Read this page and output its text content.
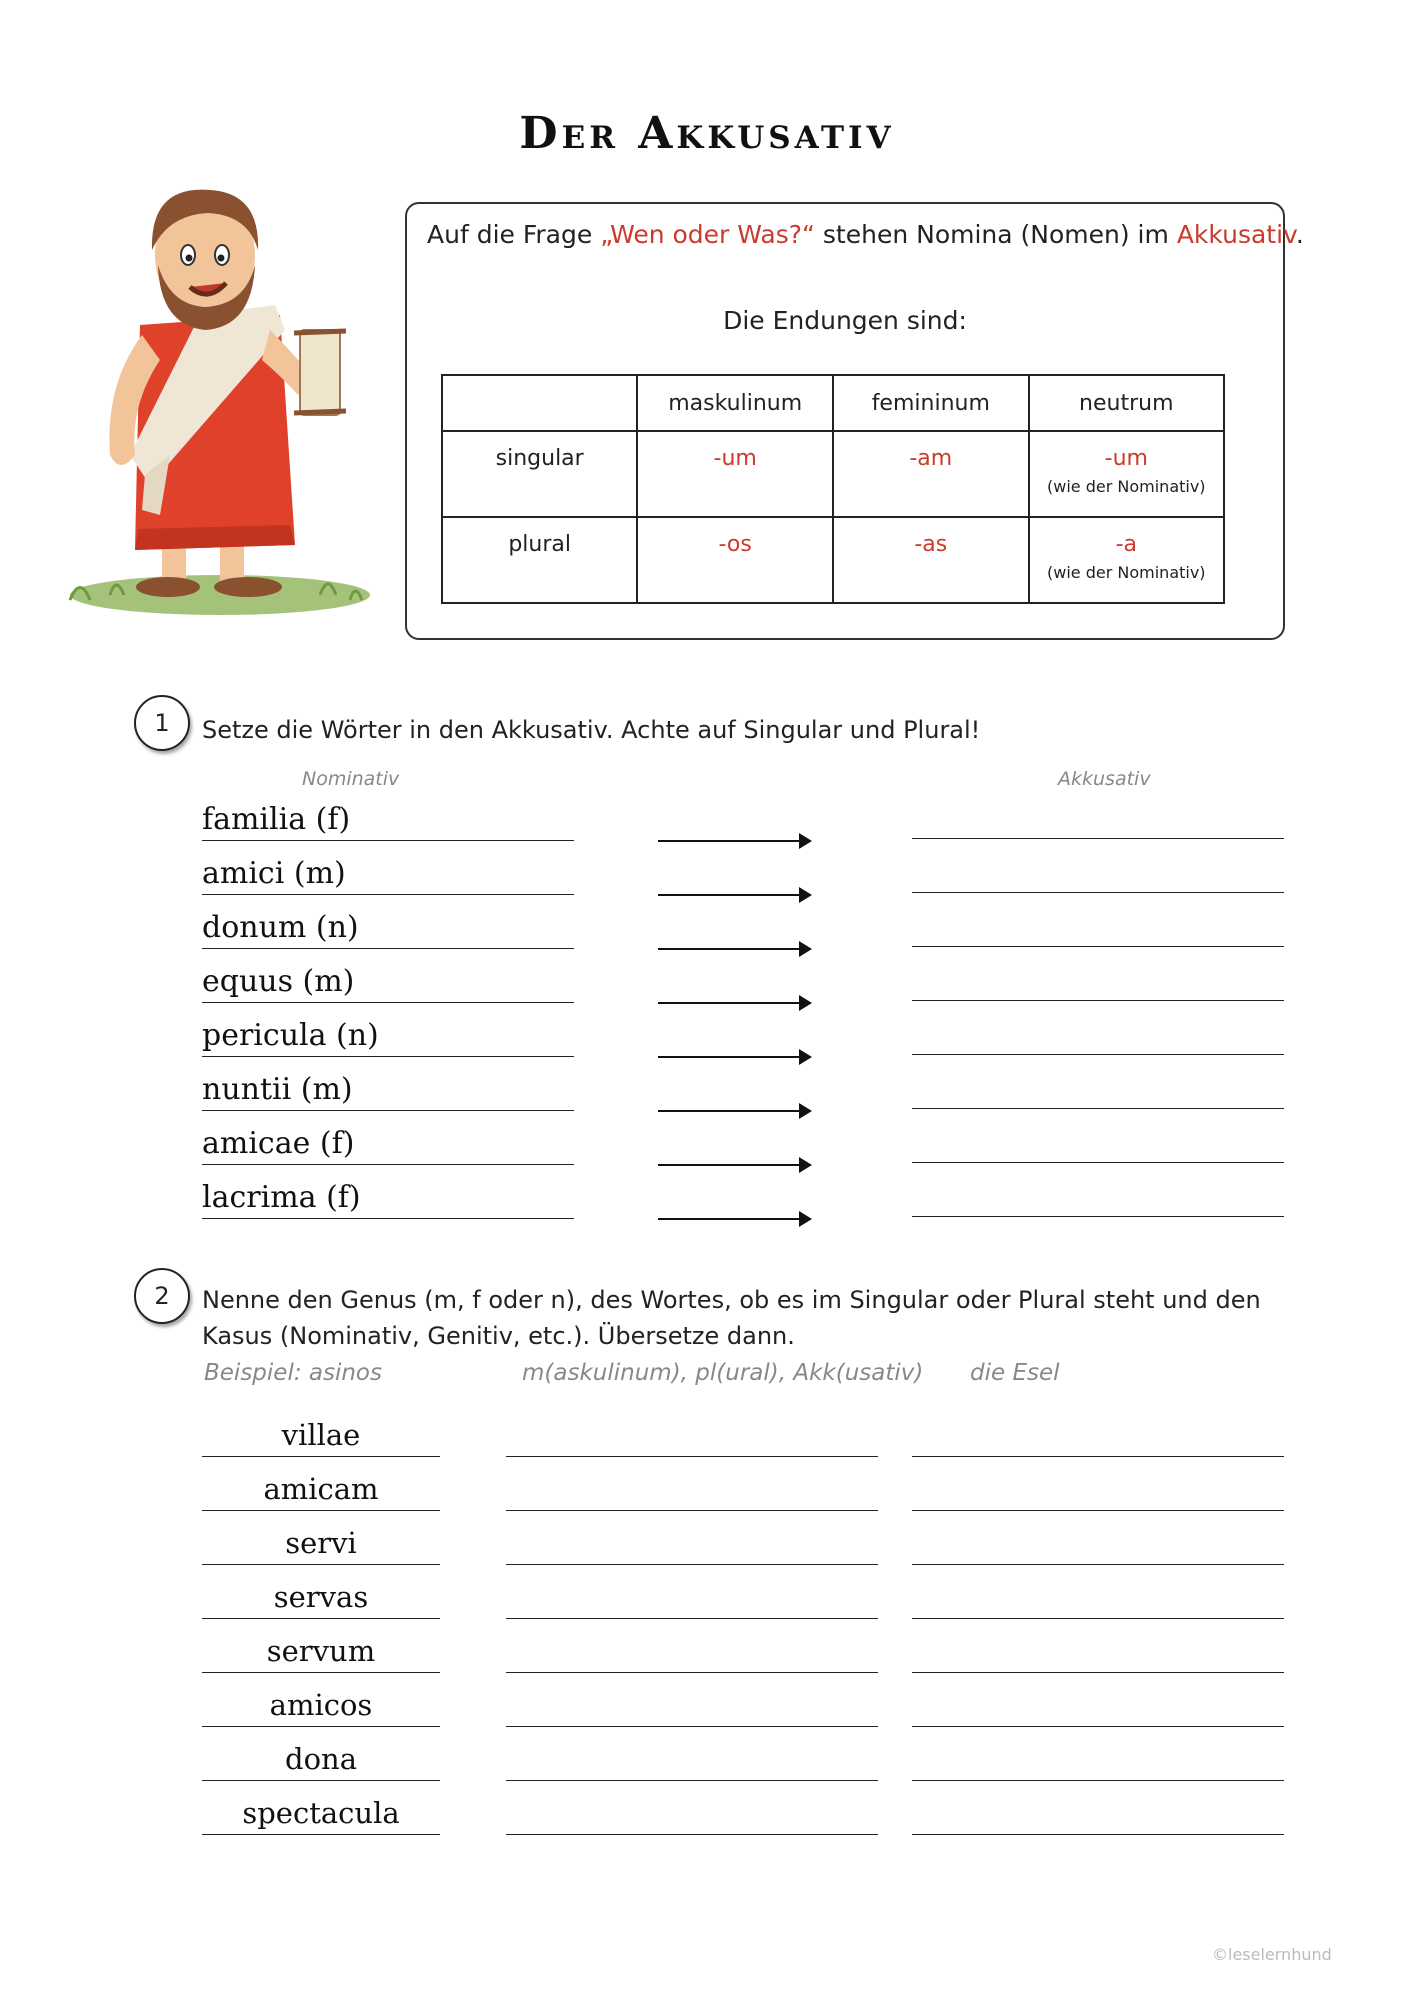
Der Akkusativ
Auf die Frage „Wen oder Was?“ stehen Nomina (Nomen) im Akkusativ.
Die Endungen sind:
	maskulinum	femininum	neutrum
singular	-um	-am	-um
(wie der Nominativ)

plural	-os	-as	-a
(wie der Nominativ)
1	Setze die Wörter in den Akkusativ. Achte auf Singular und Plural!
Nominativ	Akkusativ
familia (f)
amici (m)
donum (n)
equus (m)
pericula (n)
nuntii (m)
amicae (f)
lacrima (f)
2	Nenne den Genus (m, f oder n), des Wortes, ob es im Singular oder Plural steht und den
Kasus (Nominativ, Genitiv, etc.). Übersetze dann.
Beispiel: asinos	m(askulinum), pl(ural), Akk(usativ) die Esel
villae
amicam
servi
servas
servum
amicos
dona
spectacula
©leselernhund
